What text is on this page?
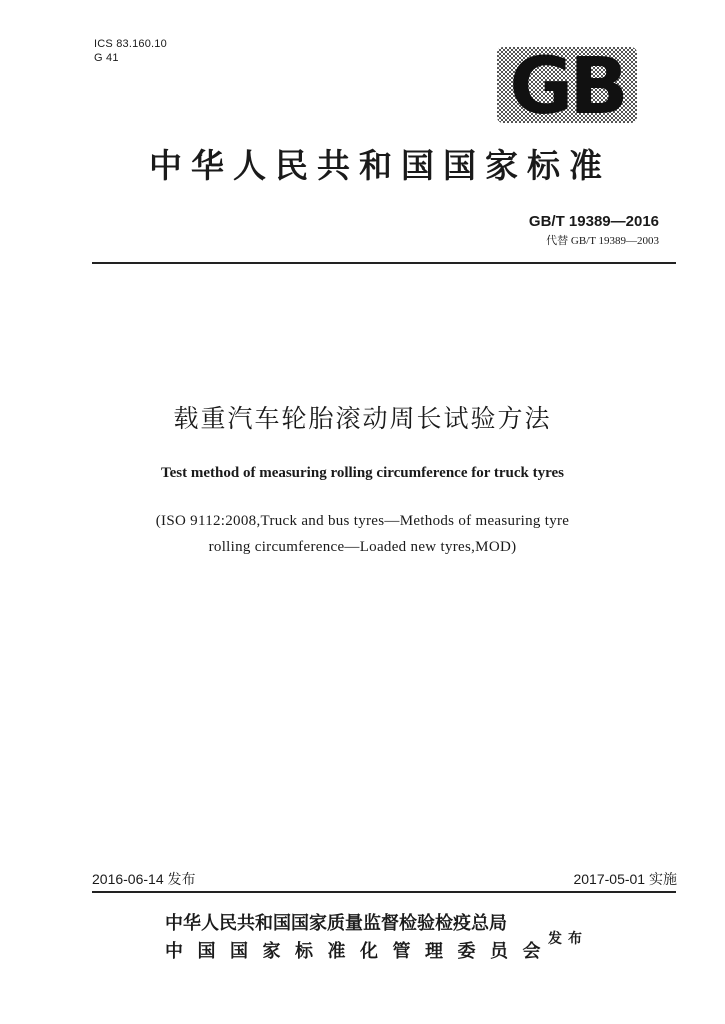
ICS 83.160.10
G 41	GB
中华人民共和国国家标准
GB/T 19389—2016
代替 GB/T 19389—2003
载重汽车轮胎滚动周长试验方法
Test method of measuring rolling circumference for truck tyres
(ISO 9112:2008,Truck and bus tyres—Methods of measuring tyre
rolling circumference—Loaded new tyres,MOD)
2016-06-14 发布	2017-05-01 实施
中华人民共和国国家质量监督检验检疫总局
中国国家标准化管理委员会
发布
